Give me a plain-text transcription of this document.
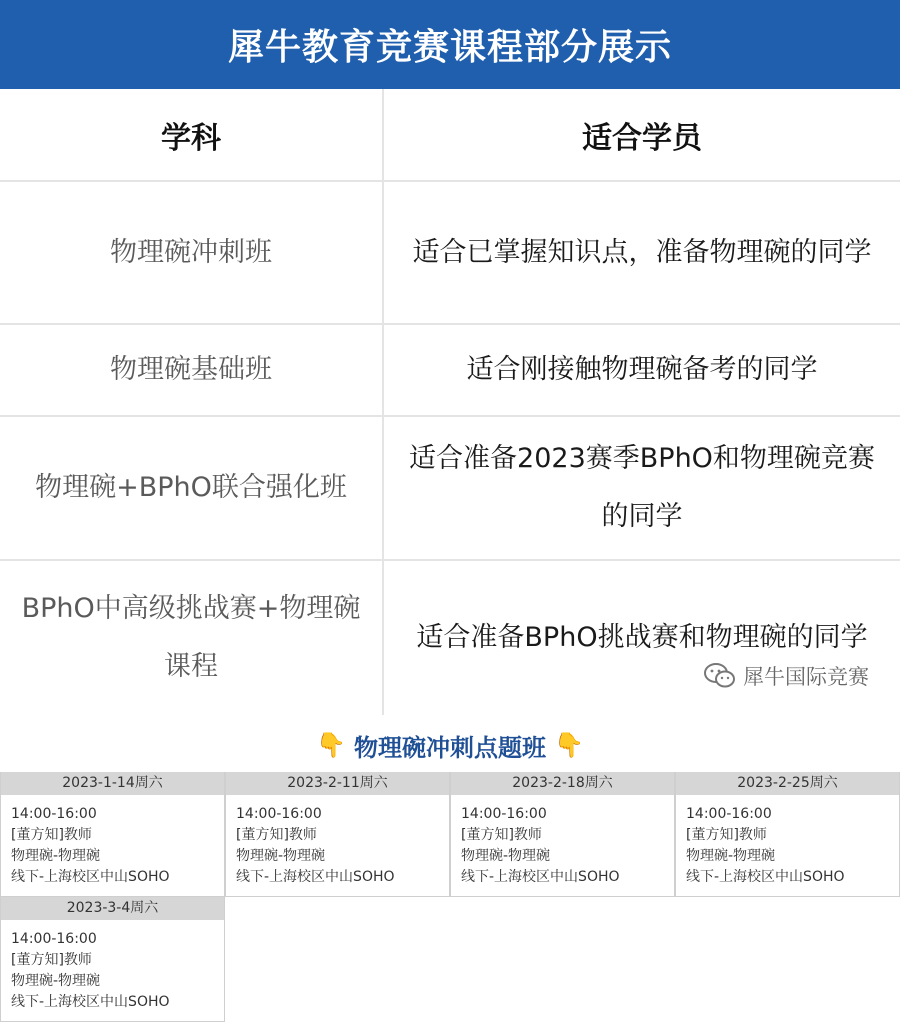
犀牛教育竞赛课程部分展示
学科	适合学员
物理碗冲刺班	适合已掌握知识点，准备物理碗的同学
物理碗基础班	适合刚接触物理碗备考的同学
物理碗+BPhO联合强化班	适合准备2023赛季BPhO和物理碗竞赛的同学
BPhO中高级挑战赛+物理碗课程	适合准备BPhO挑战赛和物理碗的同学
犀牛国际竞赛
👇 物理碗冲刺点题班 👇
2023-1-14周六
14:00-16:00
[董方知]教师
物理碗-物理碗
线下-上海校区中山SOHO
2023-2-11周六
14:00-16:00
[董方知]教师
物理碗-物理碗
线下-上海校区中山SOHO
2023-2-18周六
14:00-16:00
[董方知]教师
物理碗-物理碗
线下-上海校区中山SOHO
2023-2-25周六
14:00-16:00
[董方知]教师
物理碗-物理碗
线下-上海校区中山SOHO
2023-3-4周六
14:00-16:00
[董方知]教师
物理碗-物理碗
线下-上海校区中山SOHO
